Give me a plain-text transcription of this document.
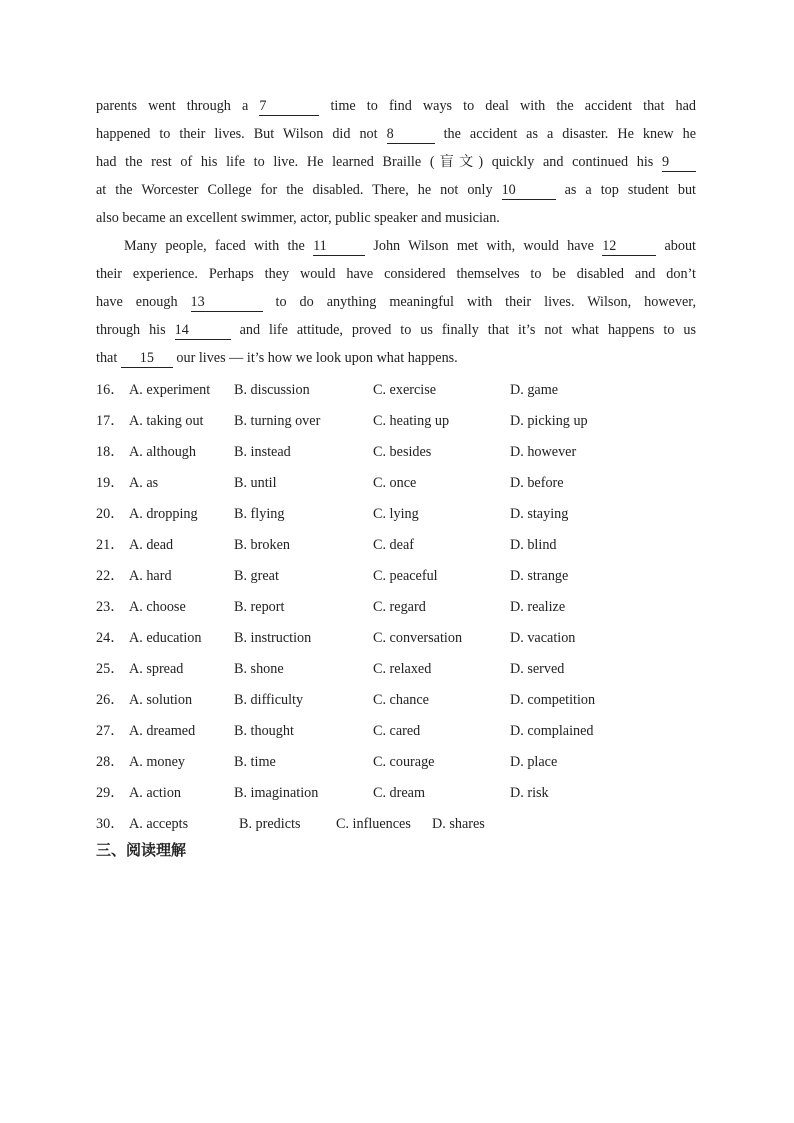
parents went through a 7	time to find ways to deal with the accident that had
happened to their lives. But Wilson did not 8	the accident as a disaster. He knew he
had the rest of his life to live. He learned Braille (盲文) quickly and continued his 9
at the Worcester College for the disabled. There, he not only 10	as a top student but
also became an excellent swimmer, actor, public speaker and musician.
Many people, faced with the 11	John Wilson met with, would have 12	about
their experience. Perhaps they would have considered themselves to be disabled and don’t
have enough 13	to do anything meaningful with their lives. Wilson, however,
through his 14	and life attitude, proved to us finally that it’s not what happens to us
that 15 our lives — it’s how we look upon what happens.
16． A. experiment B. discussion	C. exercise	D. game
17． A. taking out B. turning over	C. heating up	D. picking up
18． A. although	B. instead	C. besides	D. however
19． A. as	B. until	C. once	D. before
20． A. dropping	B. flying	C. lying	D. staying
21． A. dead	B. broken	C. deaf	D. blind
22． A. hard	B. great	C. peaceful	D. strange
23． A. choose	B. report	C. regard	D. realize
24． A. education B. instruction	C. conversation	D. vacation
25． A. spread	B. shone	C. relaxed	D. served
26． A. solution	B. difficulty	C. chance	D. competition
27． A. dreamed	B. thought	C. cared	D. complained
28． A. money	B. time	C. courage	D. place
29． A. action	B. imagination	C. dream	D. risk
30． A. accepts	B. predicts	C. influences D. shares
三、阅读理解
